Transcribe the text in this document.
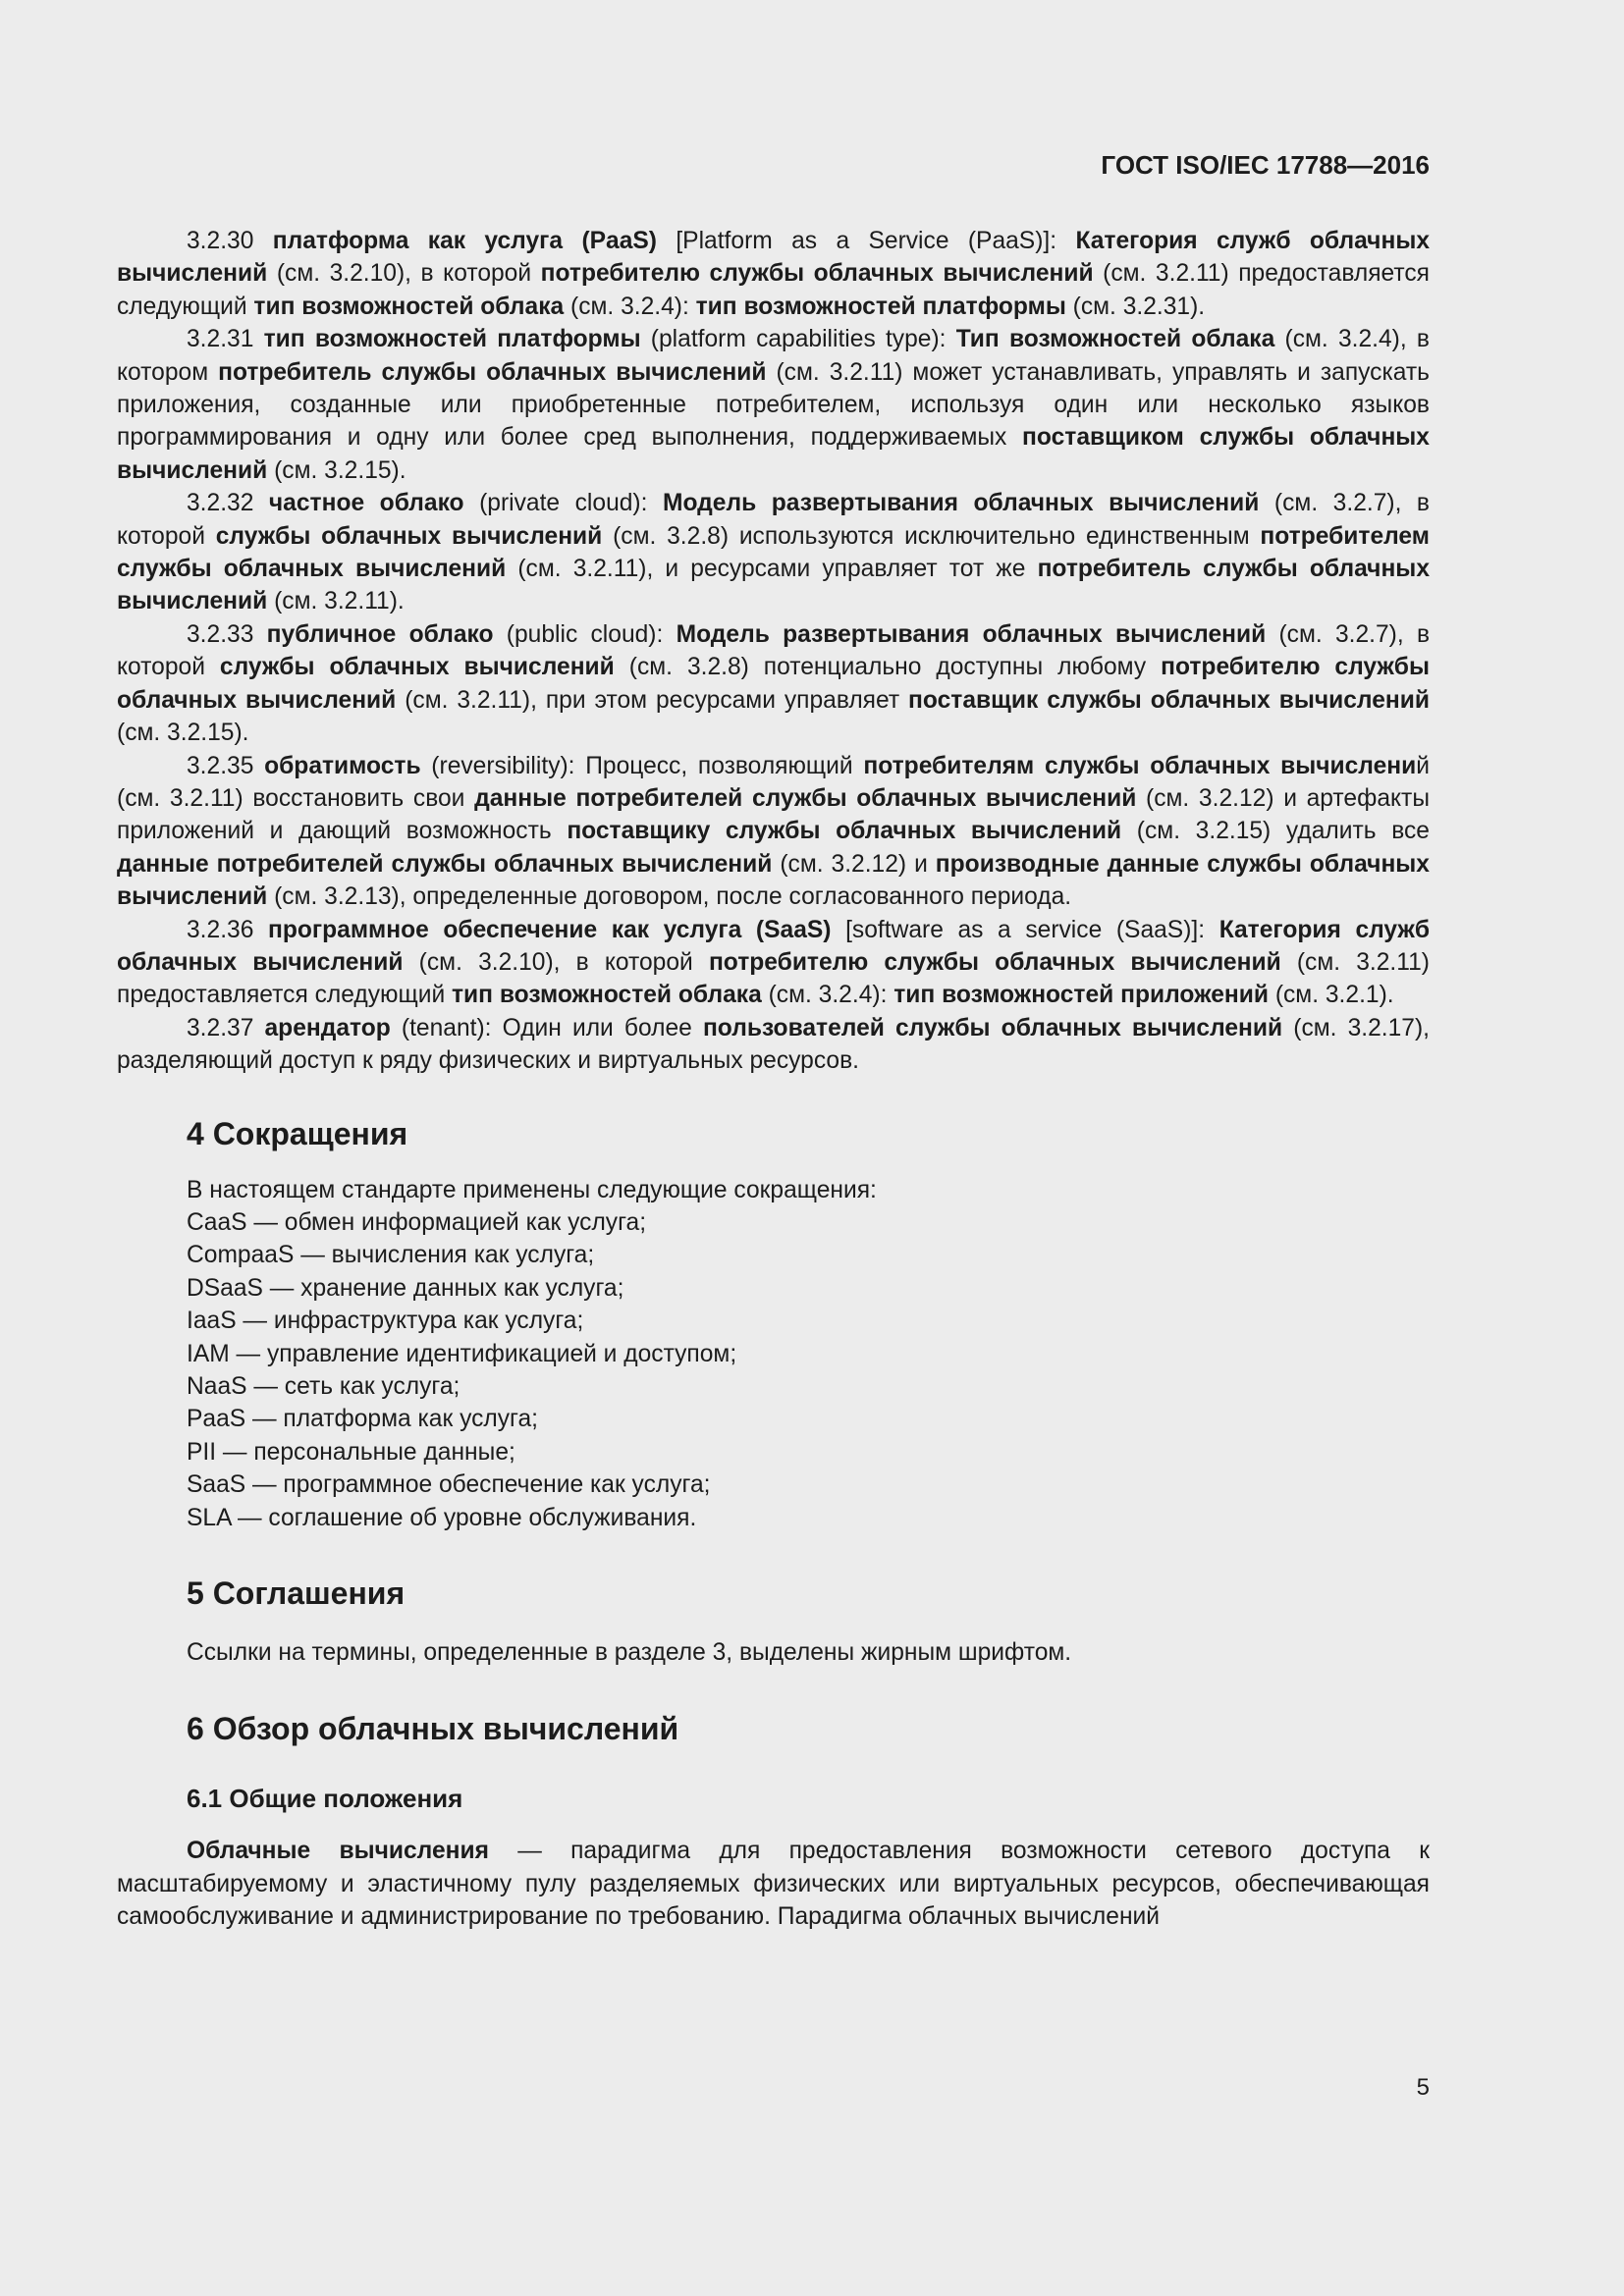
ГОСТ ISO/IEC 17788—2016

3.2.30 платформа как услуга (PaaS) [Platform as a Service (PaaS)]: Категория служб облачных вычислений (см. 3.2.10), в которой потребителю службы облачных вычислений (см. 3.2.11) предоставляется следующий тип возможностей облака (см. 3.2.4): тип возможностей платформы (см. 3.2.31).

3.2.31 тип возможностей платформы (platform capabilities type): Тип возможностей облака (см. 3.2.4), в котором потребитель службы облачных вычислений (см. 3.2.11) может устанавливать, управлять и запускать приложения, созданные или приобретенные потребителем, используя один или несколько языков программирования и одну или более сред выполнения, поддерживаемых поставщиком службы облачных вычислений (см. 3.2.15).

3.2.32 частное облако (private cloud): Модель развертывания облачных вычислений (см. 3.2.7), в которой службы облачных вычислений (см. 3.2.8) используются исключительно единственным потребителем службы облачных вычислений (см. 3.2.11), и ресурсами управляет тот же потребитель службы облачных вычислений (см. 3.2.11).

3.2.33 публичное облако (public cloud): Модель развертывания облачных вычислений (см. 3.2.7), в которой службы облачных вычислений (см. 3.2.8) потенциально доступны любому потребителю службы облачных вычислений (см. 3.2.11), при этом ресурсами управляет поставщик службы облачных вычислений (см. 3.2.15).

3.2.35 обратимость (reversibility): Процесс, позволяющий потребителям службы облачных вычислений (см. 3.2.11) восстановить свои данные потребителей службы облачных вычислений (см. 3.2.12) и артефакты приложений и дающий возможность поставщику службы облачных вычислений (см. 3.2.15) удалить все данные потребителей службы облачных вычислений (см. 3.2.12) и производные данные службы облачных вычислений (см. 3.2.13), определенные договором, после согласованного периода.

3.2.36 программное обеспечение как услуга (SaaS) [software as a service (SaaS)]: Категория служб облачных вычислений (см. 3.2.10), в которой потребителю службы облачных вычислений (см. 3.2.11) предоставляется следующий тип возможностей облака (см. 3.2.4): тип возможностей приложений (см. 3.2.1).

3.2.37 арендатор (tenant): Один или более пользователей службы облачных вычислений (см. 3.2.17), разделяющий доступ к ряду физических и виртуальных ресурсов.

4 Сокращения

В настоящем стандарте применены следующие сокращения:

CaaS — обмен информацией как услуга;
CompaaS — вычисления как услуга;
DSaaS — хранение данных как услуга;
IaaS — инфраструктура как услуга;
IAM — управление идентификацией и доступом;
NaaS — сеть как услуга;
PaaS — платформа как услуга;
PII — персональные данные;
SaaS — программное обеспечение как услуга;
SLA — соглашение об уровне обслуживания.
5 Соглашения

Ссылки на термины, определенные в разделе 3, выделены жирным шрифтом.

6 Обзор облачных вычислений
6.1 Общие положения

Облачные вычисления — парадигма для предоставления возможности сетевого доступа к масштабируемому и эластичному пулу разделяемых физических или виртуальных ресурсов, обеспечивающая самообслуживание и администрирование по требованию. Парадигма облачных вычислений

5
